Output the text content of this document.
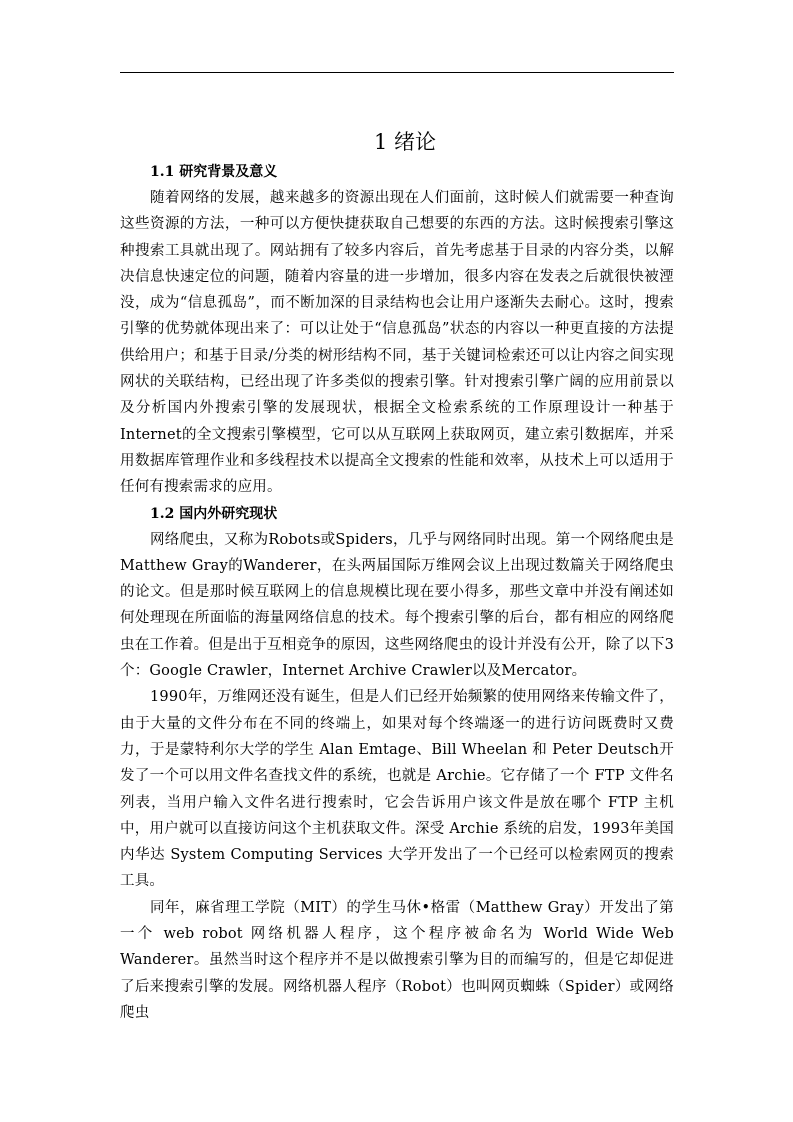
1 绪论
1.1 研究背景及意义

随着网络的发展，越来越多的资源出现在人们面前，这时候人们就需要一种查询这些资源的方法，一种可以方便快捷获取自己想要的东西的方法。这时候搜索引擎这种搜索工具就出现了。网站拥有了较多内容后，首先考虑基于目录的内容分类，以解决信息快速定位的问题，随着内容量的进一步增加，很多内容在发表之后就很快被湮没，成为“信息孤岛”，而不断加深的目录结构也会让用户逐渐失去耐心。这时，搜索引擎的优势就体现出来了：可以让处于“信息孤岛”状态的内容以一种更直接的方法提供给用户；和基于目录/分类的树形结构不同，基于关键词检索还可以让内容之间实现网状的关联结构，已经出现了许多类似的搜索引擎。针对搜索引擎广阔的应用前景以及分析国内外搜索引擎的发展现状，根据全文检索系统的工作原理设计一种基于Internet的全文搜索引擎模型，它可以从互联网上获取网页，建立索引数据库，并采用数据库管理作业和多线程技术以提高全文搜索的性能和效率，从技术上可以适用于任何有搜索需求的应用。

1.2 国内外研究现状

网络爬虫，又称为Robots或Spiders，几乎与网络同时出现。第一个网络爬虫是Matthew Gray的Wanderer，在头两届国际万维网会议上出现过数篇关于网络爬虫的论文。但是那时候互联网上的信息规模比现在要小得多，那些文章中并没有阐述如何处理现在所面临的海量网络信息的技术。每个搜索引擎的后台，都有相应的网络爬虫在工作着。但是出于互相竞争的原因，这些网络爬虫的设计并没有公开，除了以下3个：Google Crawler，Internet Archive Crawler以及Mercator。

1990年，万维网还没有诞生，但是人们已经开始频繁的使用网络来传输文件了，由于大量的文件分布在不同的终端上，如果对每个终端逐一的进行访问既费时又费力，于是蒙特利尔大学的学生 Alan Emtage、Bill Wheelan 和 Peter Deutsch开发了一个可以用文件名查找文件的系统，也就是 Archie。它存储了一个 FTP 文件名列表，当用户输入文件名进行搜索时，它会告诉用户该文件是放在哪个 FTP 主机中，用户就可以直接访问这个主机获取文件。深受 Archie 系统的启发，1993年美国内华达 System Computing Services 大学开发出了一个已经可以检索网页的搜索工具。

同年，麻省理工学院（MIT）的学生马休•格雷（Matthew Gray）开发出了第一个 web robot 网络机器人程序，这个程序被命名为 World Wide Web Wanderer。虽然当时这个程序并不是以做搜索引擎为目的而编写的，但是它却促进了后来搜索引擎的发展。网络机器人程序（Robot）也叫网页蜘蛛（Spider）或网络爬虫
